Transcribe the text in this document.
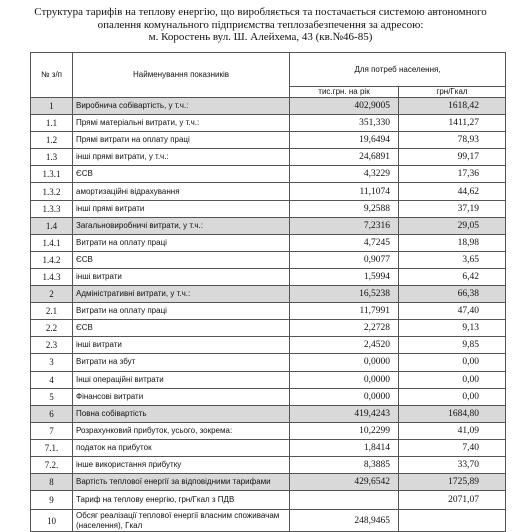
Структура тарифів на теплову енергію, що виробляється та постачається системою автономного
опалення комунального підприємства теплозабезпечення за адресою:
м. Коростень вул. Ш. Алейхема, 43 (кв.№46-85)
№ з/п	Найменування показників	Для потреб населення,	
		тис.грн. на рік	грн/Гкал
1	Виробнича собівартість, у т.ч.:	402,9005	1618,42
1.1	Прямі матеріальні витрати, у т.ч.:	351,330	1411,27
1.2	Прямі витрати на оплату праці	19,6494	78,93
1.3	інші прямі витрати, у т.ч.:	24,6891	99,17
1.3.1	ЄСВ	4,3229	17,36
1.3.2	амортизаційні відрахування	11,1074	44,62
1.3.3	інші прямі витрати	9,2588	37,19
1.4	Загальновиробничі витрати, у т.ч.:	7,2316	29,05
1.4.1	Витрати на оплату праці	4,7245	18,98
1.4.2	ЄСВ	0,9077	3,65
1.4.3	інші витрати	1,5994	6,42
2	Адміністративні витрати, у т.ч.:	16,5238	66,38
2.1	Витрати на оплату праці	11,7991	47,40
2.2	ЄСВ	2,2728	9,13
2.3	інші витрати	2,4520	9,85
3	Витрати на збут	0,0000	0,00
4	Інші операційні витрати	0,0000	0,00
5	Фінансові витрати	0,0000	0,00
6	Повна собівартість	419,4243	1684,80
7	Розрахунковий прибуток, усього, зокрема:	10,2299	41,09
7.1.	податок на прибуток	1,8414	7,40
7.2.	інше використання прибутку	8,3885	33,70
8	Вартість теплової енергії за відповідними тарифами	429,6542	1725,89
9	Тариф на теплову енергію, грн/Гкал з ПДВ		2071,07
10	Обсяг реалізації теплової енергії власним споживачам (населення), Гкал	248,9465	
